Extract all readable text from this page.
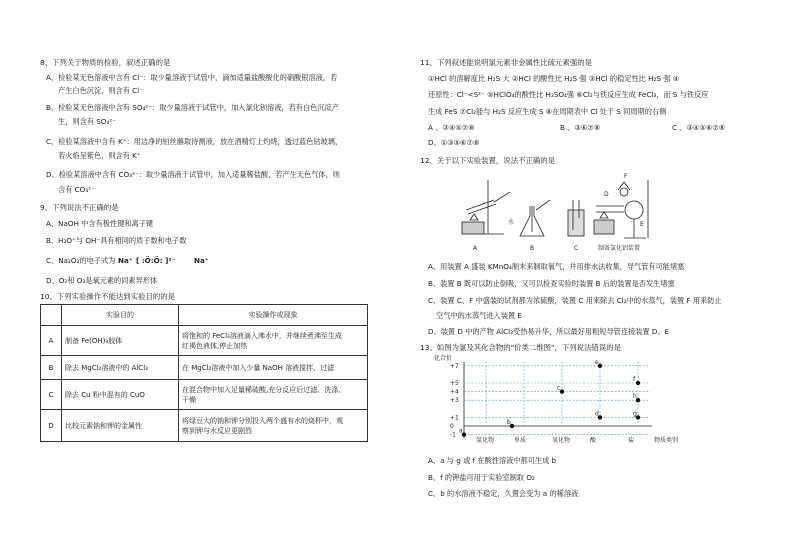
8、下列关于物质的检验，叙述正确的是
A、检验某无色溶液中含有 Cl⁻：取少量溶液于试管中，滴加适量盐酸酸化的硝酸银溶液，若
产生白色沉淀，则含有 Cl⁻
B、检验某无色溶液中含有 SO₄²⁻：取少量溶液于试管中，加入氯化钡溶液，若有白色沉淀产
生，则含有 SO₄²⁻
C、检验某溶液中含有 K⁺：用洁净的铂丝蘸取待测液，放在酒精灯上灼烧，透过蓝色钴玻璃，
若火焰呈紫色，则含有 K⁺
D、检验某溶液中含有 CO₃²⁻：取少量溶液于试管中，加入适量稀盐酸，若产生无色气体，则
含有 CO₃²⁻
9、下列说法不正确的是
A、NaOH 中含有极性键和离子键
B、H₃O⁺与 OH⁻具有相同的质子数和电子数
C、Na₂O₂的电子式为 Na⁺ [ :Ö:Ö: ]²⁻	Na⁺
D、O₂和 O₃是氧元素的同素异形体
10、下列实验操作不能达到实验目的的是
	实验目的	实验操作或现象
A	制备 Fe(OH)₃胶体	将饱和的 FeCl₃溶液滴入沸水中，并继续煮沸至生成
红褐色液体,停止加热

B	除去 MgCl₂溶液中的 AlCl₃	在 MgCl₂溶液中加入少量 NaOH 溶液搅拌、过滤

C	除去 Cu 粉中混有的 CuO	在混合物中加入足量稀硫酸,充分反应后过滤、洗涤、
干燥

D	比较元素钠和钾的金属性	将绿豆大的钠和钾分别投入两个盛有水的烧杯中，观
察到钾与水反应更剧烈
11、下列叙述能说明氯元素非金属性比硫元素强的是
①HCl 的溶解度比 H₂S 大 ②HCl 的酸性比 H₂S 强 ③HCl 的稳定性比 H₂S 强 ④
还原性：Cl⁻<S²⁻ ⑤HClO₄的酸性比 H₂SO₄强 ⑥Cl₂与铁反应生成 FeCl₃，而 S 与铁反应
生成 FeS ⑦Cl₂能与 H₂S 反应生成 S ⑧在周期表中 Cl 处于 S 同周期的右侧
A 、③④⑤⑦⑧	B 、③⑥⑦⑧	C 、③④⑤⑥⑦⑧
D、①③⑤⑥⑦⑧
12、关于以下实验装置，说法不正确的是
A
水
B	C
D
F
E
制备氯化铝装置
A、用装置 A 盛装 KMnO₄制末来制取氧气，并用排水法收集，导气管有可能堵塞
B、装置 B 既可以防止倒吸，又可以检查实验时装置 B 后的装置是否发生堵塞
C、装置 C、F 中盛装的试剂都为浓硫酸，装置 C 用来除去 Cl₂中的水蒸气，装置 F 用来防止
空气中的水蒸气进入装置 E
D、装置 D 中的产物 AlCl₃受热易升华，所以最好用粗短导管连接装置 D、E
13、如图为氯及其化合物的"价类二维图"，下列说法错误的是
化合价
物质类别
+7
+5
+4
+3
+1
0
-1
氢化物	单质	氧化物	酸	盐
a
b
c
d
e
f
g
h
A、a 与 g 或 f 在酸性溶液中都可生成 b
B、f 的钾盐可用于实验室制取 O₂
C、b 的水溶液不稳定，久置会变为 a 的稀溶液
